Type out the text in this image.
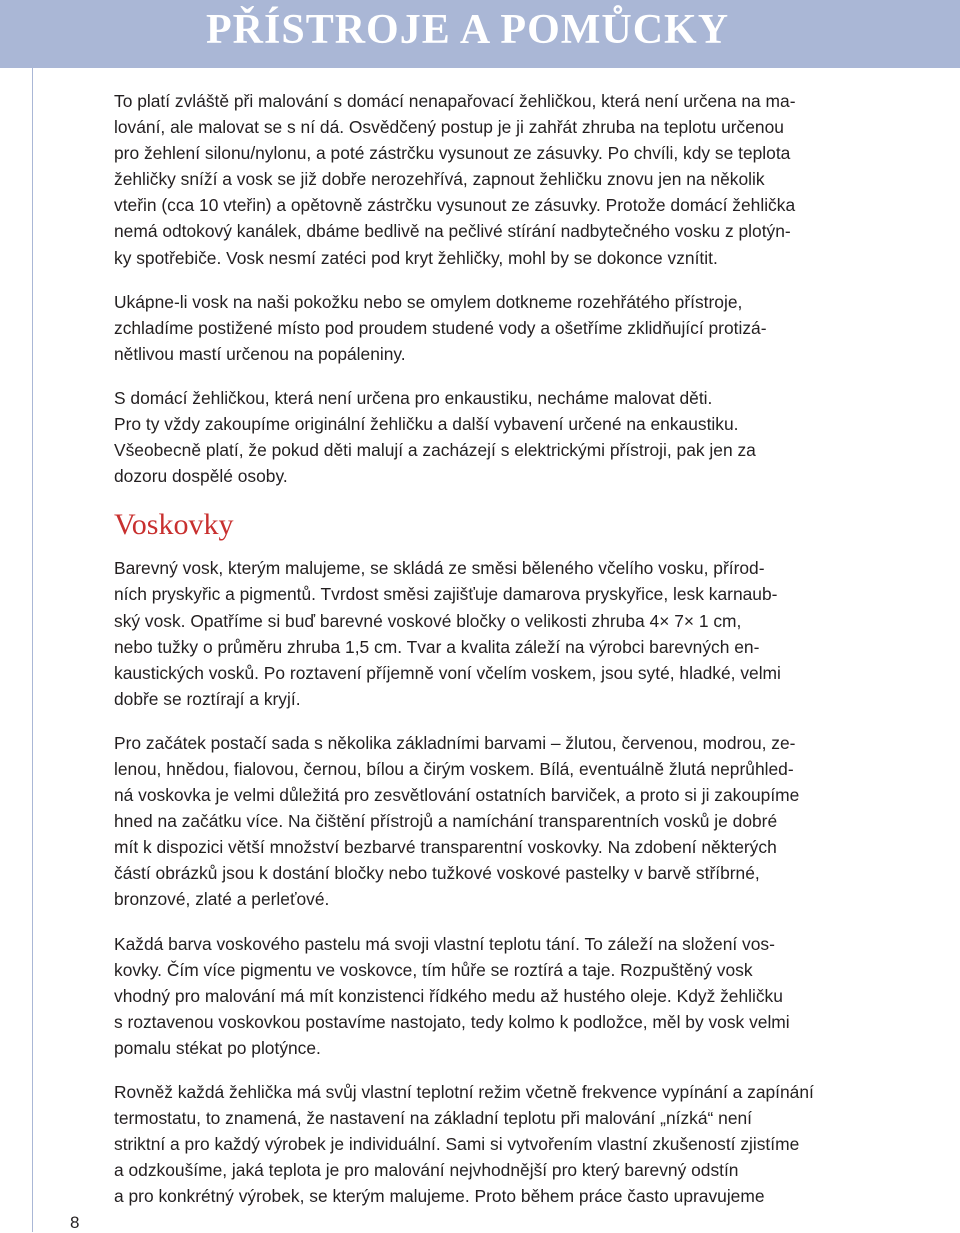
PŘÍSTROJE A POMŮCKY

To platí zvláště při malování s domácí nenapařovací žehličkou, která není určena na ma-
lování, ale malovat se s ní dá. Osvědčený postup je ji zahřát zhruba na teplotu určenou
pro žehlení silonu/nylonu, a poté zástrčku vysunout ze zásuvky. Po chvíli, kdy se teplota
žehličky sníží a vosk se již dobře nerozehřívá, zapnout žehličku znovu jen na několik
vteřin (cca 10 vteřin) a opětovně zástrčku vysunout ze zásuvky. Protože domácí žehlička
nemá odtokový kanálek, dbáme bedlivě na pečlivé stírání nadbytečného vosku z plotýn-
ky spotřebiče. Vosk nesmí zatéci pod kryt žehličky, mohl by se dokonce vznítit.

Ukápne-li vosk na naši pokožku nebo se omylem dotkneme rozehřátého přístroje,
zchladíme postižené místo pod proudem studené vody a ošetříme zklidňující protizá-
nětlivou mastí určenou na popáleniny.

S domácí žehličkou, která není určena pro enkaustiku, necháme malovat děti.
Pro ty vždy zakoupíme originální žehličku a další vybavení určené na enkaustiku.
Všeobecně platí, že pokud děti malují a zacházejí s elektrickými přístroji, pak jen za
dozoru dospělé osoby.

Voskovky

Barevný vosk, kterým malujeme, se skládá ze směsi běleného včelího vosku, přírod-
ních pryskyřic a pigmentů. Tvrdost směsi zajišťuje damarova pryskyřice, lesk karnaub-
ský vosk. Opatříme si buď barevné voskové bločky o velikosti zhruba 4× 7× 1 cm,
nebo tužky o průměru zhruba 1,5 cm. Tvar a kvalita záleží na výrobci barevných en-
kaustických vosků. Po roztavení příjemně voní včelím voskem, jsou syté, hladké, velmi
dobře se roztírají a kryjí.

Pro začátek postačí sada s několika základními barvami – žlutou, červenou, modrou, ze-
lenou, hnědou, fialovou, černou, bílou a čirým voskem. Bílá, eventuálně žlutá neprůhled-
ná voskovka je velmi důležitá pro zesvětlování ostatních barviček, a proto si ji zakoupíme
hned na začátku více. Na čištění přístrojů a namíchání transparentních vosků je dobré
mít k dispozici větší množství bezbarvé transparentní voskovky. Na zdobení některých
částí obrázků jsou k dostání bločky nebo tužkové voskové pastelky v barvě stříbrné,
bronzové, zlaté a perleťové.

Každá barva voskového pastelu má svoji vlastní teplotu tání. To záleží na složení vos-
kovky. Čím více pigmentu ve voskovce, tím hůře se roztírá a taje. Rozpuštěný vosk
vhodný pro malování má mít konzistenci řídkého medu až hustého oleje. Když žehličku
s roztavenou voskovkou postavíme nastojato, tedy kolmo k podložce, měl by vosk velmi
pomalu stékat po plotýnce.

Rovněž každá žehlička má svůj vlastní teplotní režim včetně frekvence vypínání a zapínání
termostatu, to znamená, že nastavení na základní teplotu při malování „nízká“ není
striktní a pro každý výrobek je individuální. Sami si vytvořením vlastní zkušeností zjistíme
a odzkoušíme, jaká teplota je pro malování nejvhodnější pro který barevný odstín
a pro konkrétný výrobek, se kterým malujeme. Proto během práce často upravujeme

8
